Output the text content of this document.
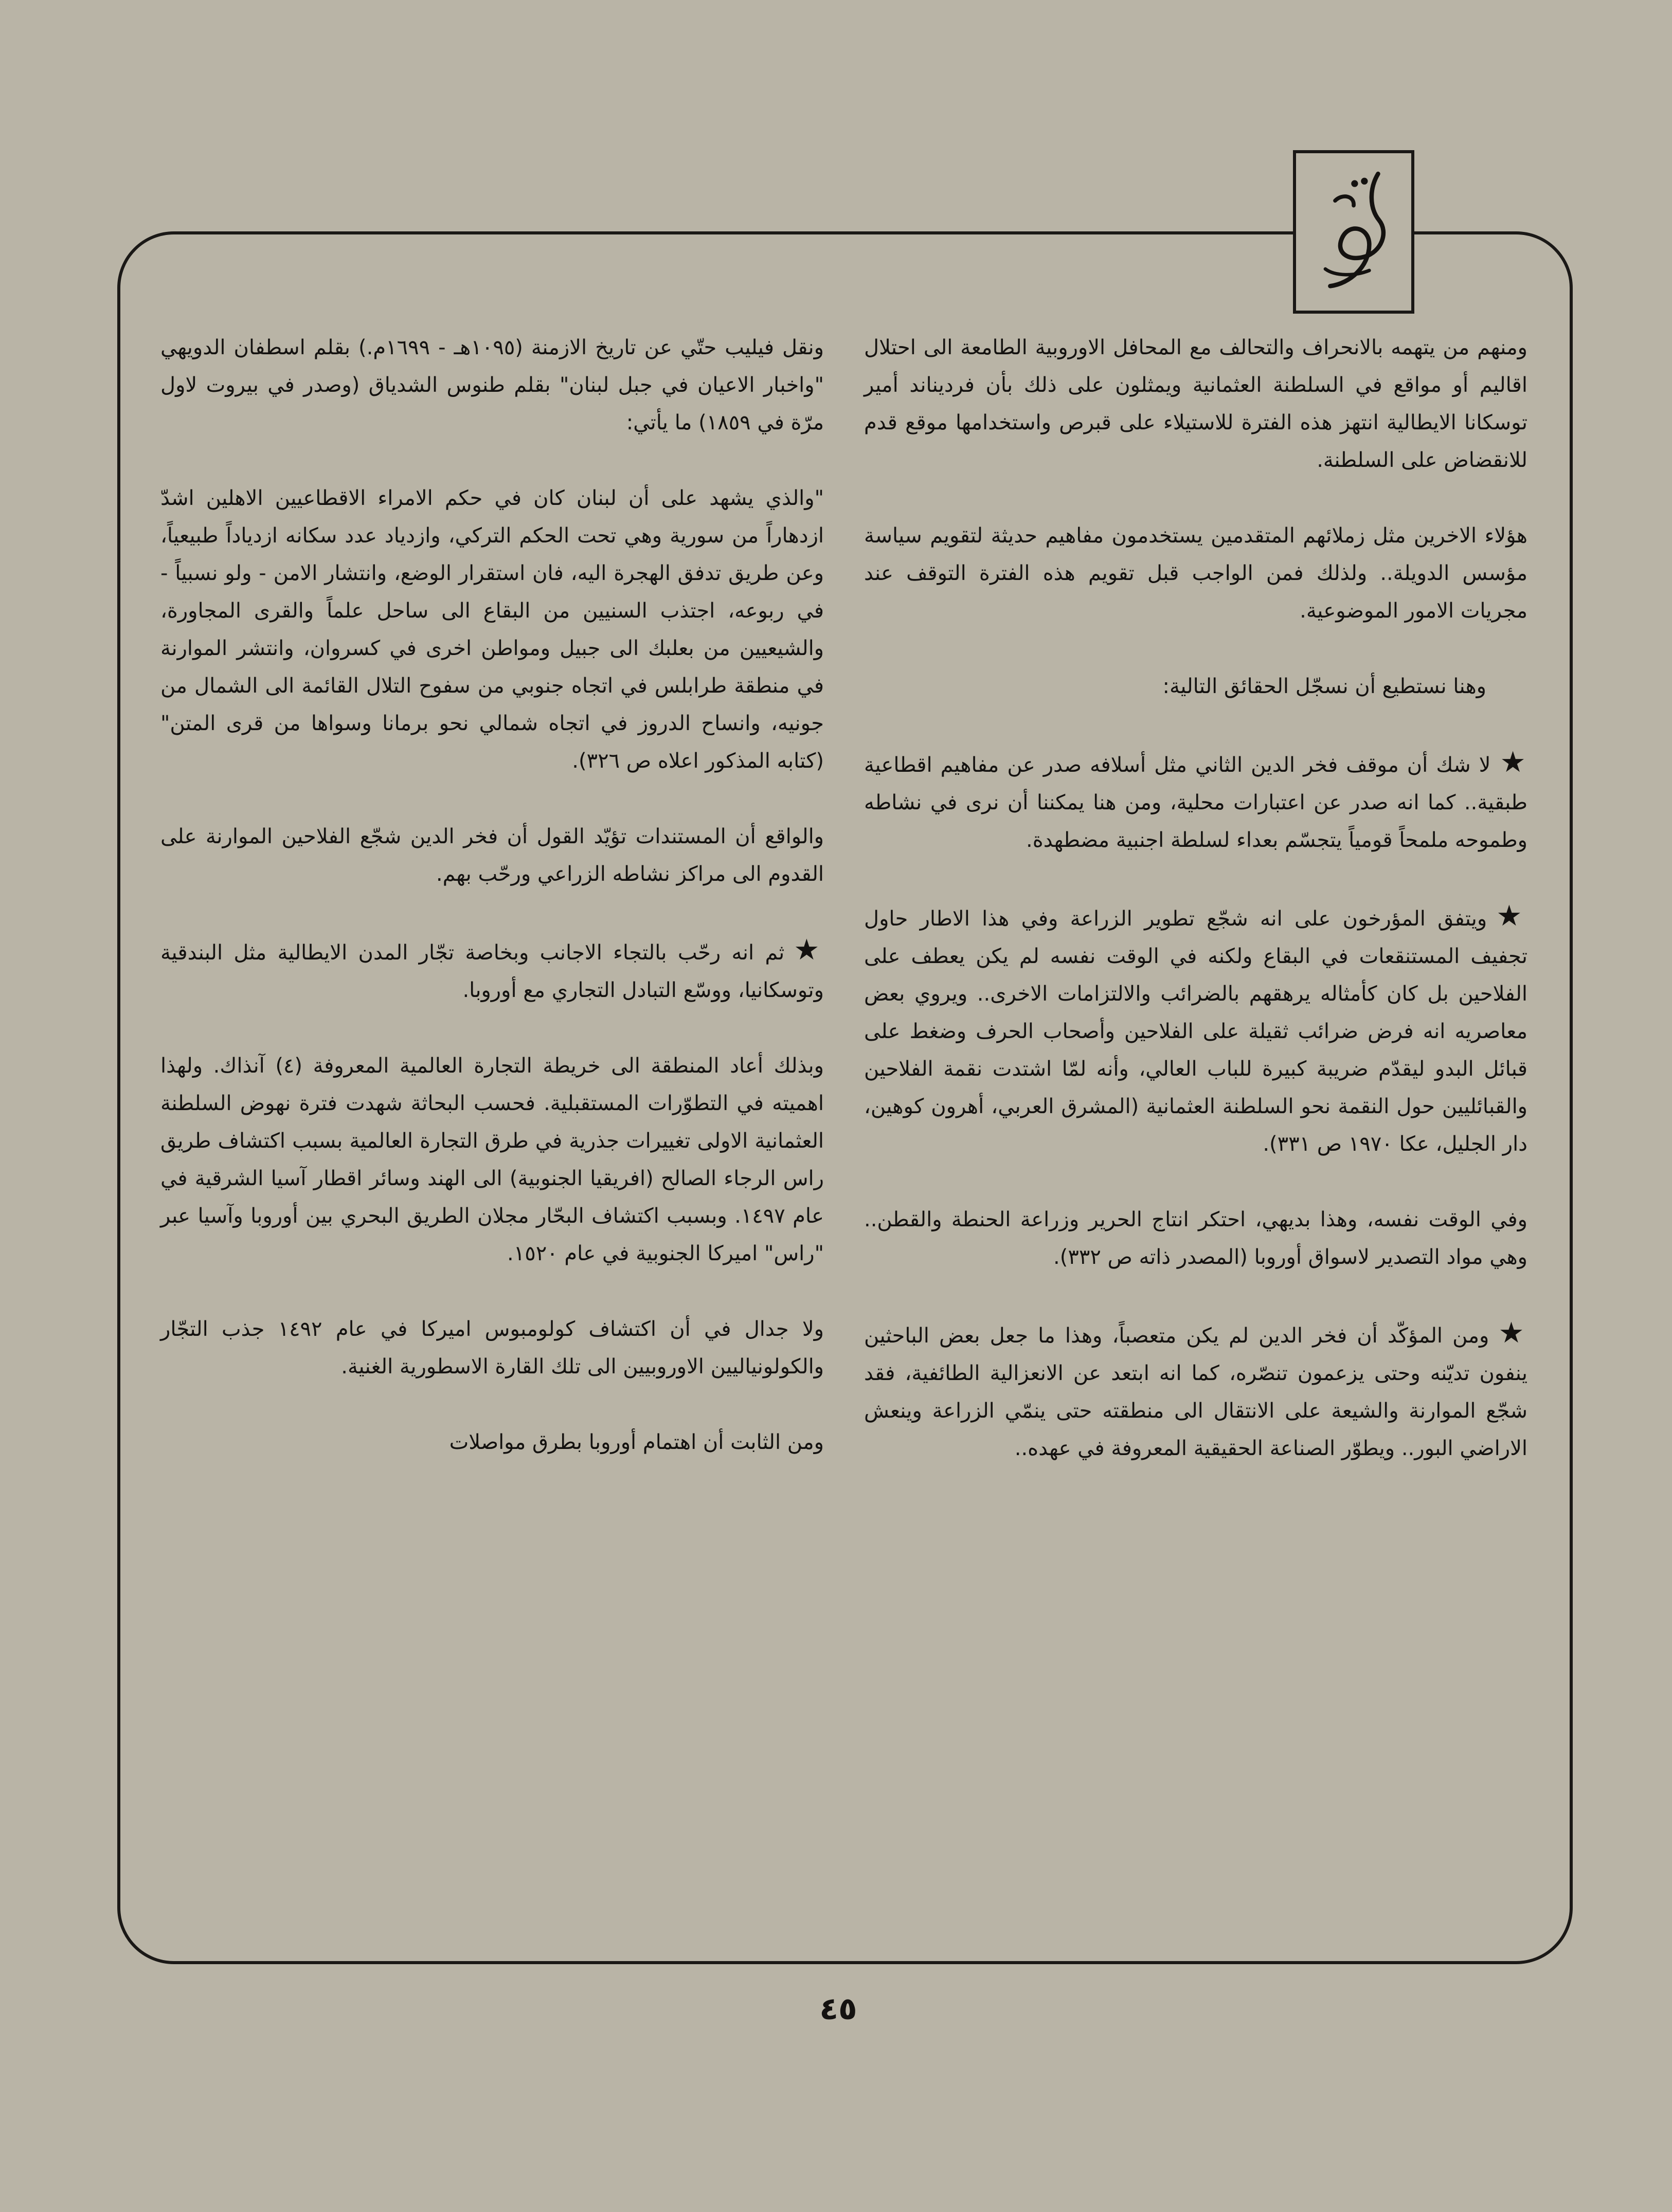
ومنهم من يتهمه بالانحراف والتحالف مع المحافل الاوروبية الطامعة الى احتلال اقاليم أو مواقع في السلطنة العثمانية ويمثلون على ذلك بأن فرديناند أمير توسكانا الايطالية انتهز هذه الفترة للاستيلاء على قبرص واستخدامها موقع قدم للانقضاض على السلطنة.

هؤلاء الاخرين مثل زملائهم المتقدمين يستخدمون مفاهيم حديثة لتقويم سياسة مؤسس الدويلة.. ولذلك فمن الواجب قبل تقويم هذه الفترة التوقف عند مجريات الامور الموضوعية.

وهنا نستطيع أن نسجّل الحقائق التالية:

★لا شك أن موقف فخر الدين الثاني مثل أسلافه صدر عن مفاهيم اقطاعية طبقية.. كما انه صدر عن اعتبارات محلية، ومن هنا يمكننا أن نرى في نشاطه وطموحه ملمحاً قومياً يتجسّم بعداء لسلطة اجنبية مضطهدة.

★ويتفق المؤرخون على انه شجّع تطوير الزراعة وفي هذا الاطار حاول تجفيف المستنقعات في البقاع ولكنه في الوقت نفسه لم يكن يعطف على الفلاحين بل كان كأمثاله يرهقهم بالضرائب والالتزامات الاخرى.. ويروي بعض معاصريه انه فرض ضرائب ثقيلة على الفلاحين وأصحاب الحرف وضغط على قبائل البدو ليقدّم ضريبة كبيرة للباب العالي، وأنه لمّا اشتدت نقمة الفلاحين والقبائليين حول النقمة نحو السلطنة العثمانية (المشرق العربي، أهرون كوهين، دار الجليل، عكا ١٩٧٠ ص ٣٣١).

وفي الوقت نفسه، وهذا بديهي، احتكر انتاج الحرير وزراعة الحنطة والقطن.. وهي مواد التصدير لاسواق أوروبا (المصدر ذاته ص ٣٣٢).

★ومن المؤكّد أن فخر الدين لم يكن متعصباً، وهذا ما جعل بعض الباحثين ينفون تديّنه وحتى يزعمون تنصّره، كما انه ابتعد عن الانعزالية الطائفية، فقد شجّع الموارنة والشيعة على الانتقال الى منطقته حتى ينمّي الزراعة وينعش الاراضي البور.. ويطوّر الصناعة الحقيقية المعروفة في عهده..

ونقل فيليب حتّي عن تاريخ الازمنة (١٠٩٥هـ - ١٦٩٩م.) بقلم اسطفان الدويهي "واخبار الاعيان في جبل لبنان" بقلم طنوس الشدياق (وصدر في بيروت لاول مرّة في ١٨٥٩) ما يأتي:

"والذي يشهد على أن لبنان كان في حكم الامراء الاقطاعيين الاهلين اشدّ ازدهاراً من سورية وهي تحت الحكم التركي، وازدياد عدد سكانه ازدياداً طبيعياً، وعن طريق تدفق الهجرة اليه، فان استقرار الوضع، وانتشار الامن - ولو نسبياً - في ربوعه، اجتذب السنيين من البقاع الى ساحل علماً والقرى المجاورة، والشيعيين من بعلبك الى جبيل ومواطن اخرى في كسروان، وانتشر الموارنة في منطقة طرابلس في اتجاه جنوبي من سفوح التلال القائمة الى الشمال من جونيه، وانساح الدروز في اتجاه شمالي نحو برمانا وسواها من قرى المتن" (كتابه المذكور اعلاه ص ٣٢٦).

والواقع أن المستندات تؤيّد القول أن فخر الدين شجّع الفلاحين الموارنة على القدوم الى مراكز نشاطه الزراعي ورحّب بهم.

★ثم انه رحّب بالتجاء الاجانب وبخاصة تجّار المدن الايطالية مثل البندقية وتوسكانيا، ووسّع التبادل التجاري مع أوروبا.

وبذلك أعاد المنطقة الى خريطة التجارة العالمية المعروفة (٤) آنذاك. ولهذا اهميته في التطوّرات المستقبلية. فحسب البحاثة شهدت فترة نهوض السلطنة العثمانية الاولى تغييرات جذرية في طرق التجارة العالمية بسبب اكتشاف طريق راس الرجاء الصالح (افريقيا الجنوبية) الى الهند وسائر اقطار آسيا الشرقية في عام ١٤٩٧. وبسبب اكتشاف البحّار مجلان الطريق البحري بين أوروبا وآسيا عبر "راس" اميركا الجنوبية في عام ١٥٢٠.

ولا جدال في أن اكتشاف كولومبوس اميركا في عام ١٤٩٢ جذب التجّار والكولونياليين الاوروبيين الى تلك القارة الاسطورية الغنية.

ومن الثابت أن اهتمام أوروبا بطرق مواصلات

٤٥
